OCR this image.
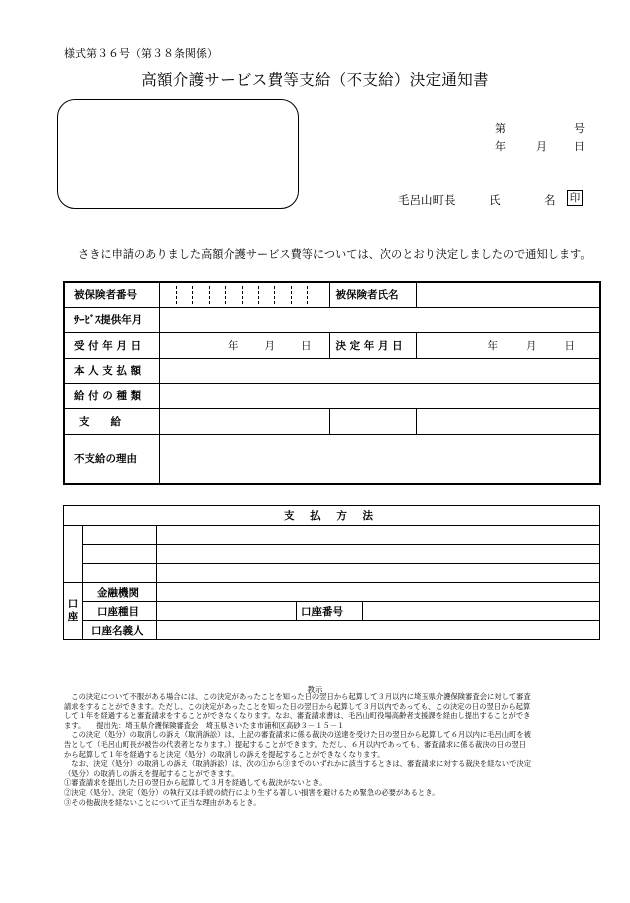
様式第３６号（第３８条関係）
高額介護サービス費等支給（不支給）決定通知書
第	号
年	月 日
毛呂山町長	氏	名 印
さきに申請のありました高額介護サービス費等については、次のとおり決定しましたので通知します。
被保険者番号		被保険者氏名	
ｻｰﾋﾞｽ提供年月			
受 付 年 月 日	年 月 日	決 定 年 月 日	年 月 日

本 人 支 払 額			
給 付 の 種 類			
支　　給			
不支給の理由			
支 払 方 法				

口
座	金融機関			
	口座種目		口座番号	
	口座名義人			
教示

　この決定について不服がある場合には、この決定があったことを知った日の翌日から起算して３月以内に埼玉県介護保険審査会に対して審査

請求をすることができます。ただし、この決定があったことを知った日の翌日から起算して３月以内であっても、この決定の日の翌日から起算

して１年を経過すると審査請求をすることができなくなります。なお、審査請求書は、毛呂山町役場高齢者支援課を経由し提出することができ

ます。　　提出先：埼玉県介護保険審査会　埼玉県さいたま市浦和区高砂３－１５－１

　この決定（処分）の取消しの訴え（取消訴訟）は、上記の審査請求に係る裁決の送達を受けた日の翌日から起算して６月以内に毛呂山町を被

告として（毛呂山町長が被告の代表者となります。）提起することができます。ただし、６月以内であっても、審査請求に係る裁決の日の翌日

から起算して１年を経過すると決定（処分）の取消しの訴えを提起することができなくなります。

　なお、決定（処分）の取消しの訴え（取消訴訟）は、次の①から③までのいずれかに該当するときは、審査請求に対する裁決を経ないで決定

（処分）の取消しの訴えを提起することができます。

①審査請求を提出した日の翌日から起算して３月を経過しても裁決がないとき。

②決定（処分）、決定（処分）の執行又は手続の続行により生ずる著しい損害を避けるため緊急の必要があるとき。

③その他裁決を経ないことについて正当な理由があるとき。
